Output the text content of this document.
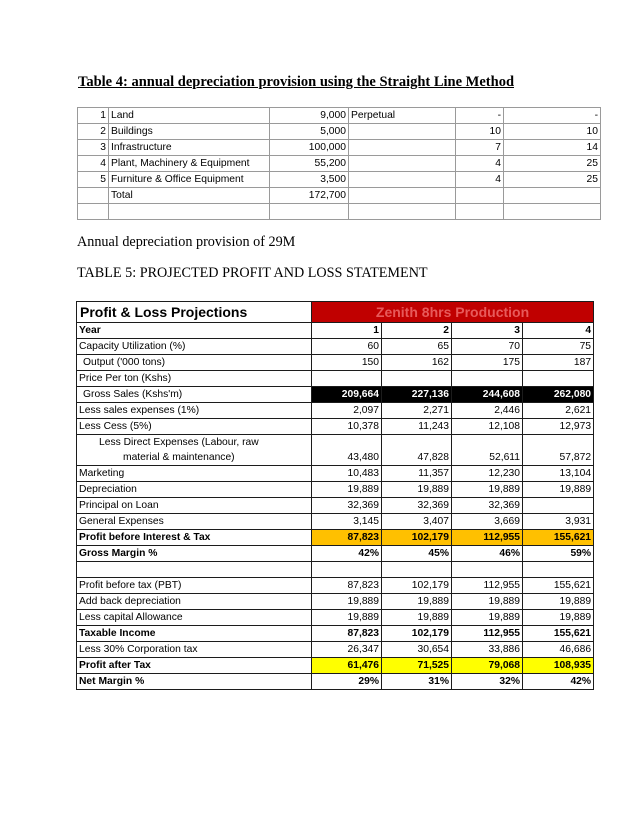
Table 4: annual depreciation provision using the Straight Line Method
1	Land	9,000	Perpetual	-	-	
2	Buildings	5,000		10	10	
3	Infrastructure	100,000		7	14	
4	Plant, Machinery & Equipment	55,200		4	25	
5	Furniture & Office Equipment	3,500		4	25	
	Total	172,700				

Annual depreciation provision of 29M
TABLE 5: PROJECTED PROFIT AND LOSS STATEMENT
Profit & Loss Projections	Zenith 8hrs Production			
Year	1	2	3	4
Capacity Utilization (%)	60	65	70	75
Output ('000 tons)	150	162	175	187
Price Per ton (Kshs)				
Gross Sales (Kshs'm)	209,664	227,136	244,608	262,080
Less sales expenses (1%)	2,097	2,271	2,446	2,621
Less Cess (5%)	10,378	11,243	12,108	12,973

Less Direct Expenses (Labour, raw
material & maintenance)	43,480	47,828	52,611	57,872
Marketing	10,483	11,357	12,230	13,104
Depreciation	19,889	19,889	19,889	19,889
Principal on Loan	32,369	32,369	32,369	
General Expenses	3,145	3,407	3,669	3,931
Profit before Interest & Tax	87,823	102,179	112,955	155,621
Gross Margin %	42%	45%	46%	59%

Profit before tax (PBT)	87,823	102,179	112,955	155,621
Add back depreciation	19,889	19,889	19,889	19,889
Less capital Allowance	19,889	19,889	19,889	19,889
Taxable Income	87,823	102,179	112,955	155,621
Less 30% Corporation tax	26,347	30,654	33,886	46,686
Profit after Tax	61,476	71,525	79,068	108,935
Net Margin %	29%	31%	32%	42%
